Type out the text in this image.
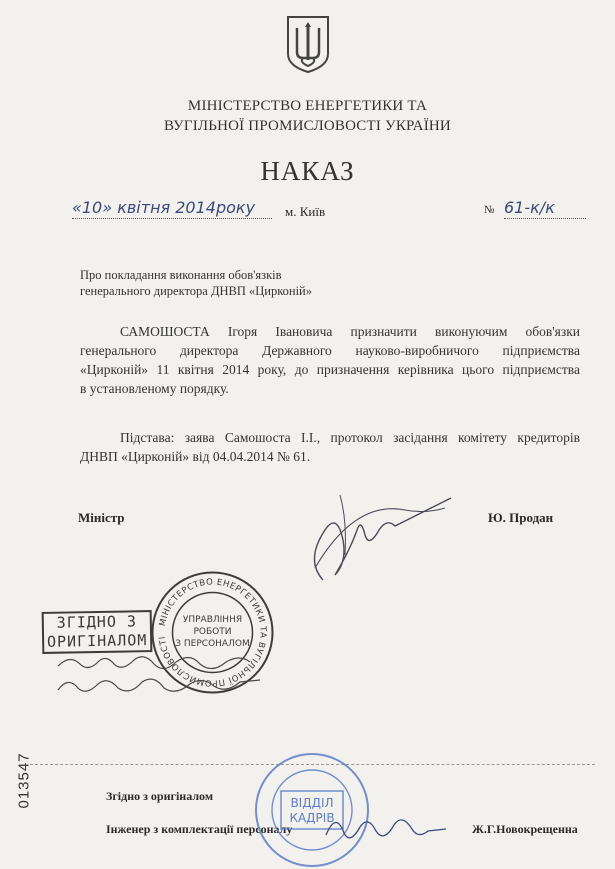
МІНІСТЕРСТВО ЕНЕРГЕТИКИ ТА
ВУГІЛЬНОЇ ПРОМИСЛОВОСТІ УКРАЇНИ
НАКАЗ
«10» квітня 2014року	м. Київ	№ 61-к/к
Про покладання виконання обов'язків
генерального директора ДНВП «Цирконій»
САМОШОСТА Ігоря Івановича призначити виконуючим обов'язки
генерального директора Державного науково-виробничого підприємства
«Цирконій» 11 квітня 2014 року, до призначення керівника цього підприємства
в установленому порядку.
Підстава: заява Самошоста І.І., протокол засідання комітету кредиторів
ДНВП «Цирконій» від 04.04.2014 № 61.
Міністр	Ю. Продан
МІНІСТЕРСТВО ЕНЕРГЕТИКИ ТА ВУГІЛЬНОЇ ПРОМИСЛОВОСТІ
УПРАВЛІННЯ
РОБОТИ
З ПЕРСОНАЛОМ
ЗГІДНО З
ОРИГІНАЛОМ
013547	Згідно з оригіналом
Інженер з комплектації персоналу	Ж.Г.Новокрещенна
ВІДДІЛ
КАДРІВ
